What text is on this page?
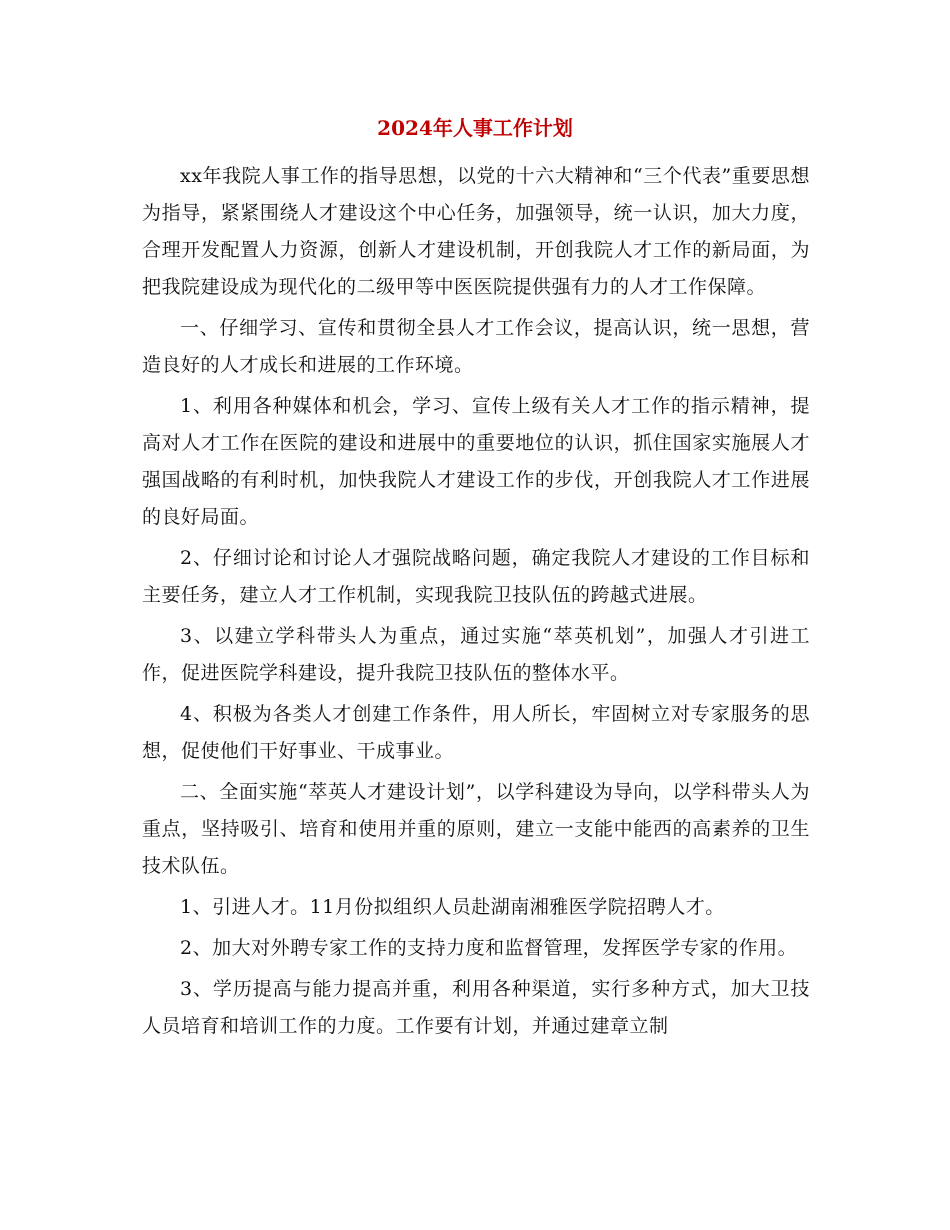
2024年人事工作计划

xx年我院人事工作的指导思想，以党的十六大精神和“三个代表”重要思想为指导，紧紧围绕人才建设这个中心任务，加强领导，统一认识，加大力度，合理开发配置人力资源，创新人才建设机制，开创我院人才工作的新局面，为把我院建设成为现代化的二级甲等中医医院提供强有力的人才工作保障。

一、仔细学习、宣传和贯彻全县人才工作会议，提高认识，统一思想，营造良好的人才成长和进展的工作环境。

1、利用各种媒体和机会，学习、宣传上级有关人才工作的指示精神，提高对人才工作在医院的建设和进展中的重要地位的认识，抓住国家实施展人才强国战略的有利时机，加快我院人才建设工作的步伐，开创我院人才工作进展的良好局面。

2、仔细讨论和讨论人才强院战略问题，确定我院人才建设的工作目标和主要任务，建立人才工作机制，实现我院卫技队伍的跨越式进展。

3、以建立学科带头人为重点，通过实施“萃英机划”，加强人才引进工作，促进医院学科建设，提升我院卫技队伍的整体水平。

4、积极为各类人才创建工作条件，用人所长，牢固树立对专家服务的思想，促使他们干好事业、干成事业。

二、全面实施“萃英人才建设计划”，以学科建设为导向，以学科带头人为重点，坚持吸引、培育和使用并重的原则，建立一支能中能西的高素养的卫生技术队伍。

1、引进人才。11月份拟组织人员赴湖南湘雅医学院招聘人才。

2、加大对外聘专家工作的支持力度和监督管理，发挥医学专家的作用。

3、学历提高与能力提高并重，利用各种渠道，实行多种方式，加大卫技人员培育和培训工作的力度。工作要有计划，并通过建章立制
